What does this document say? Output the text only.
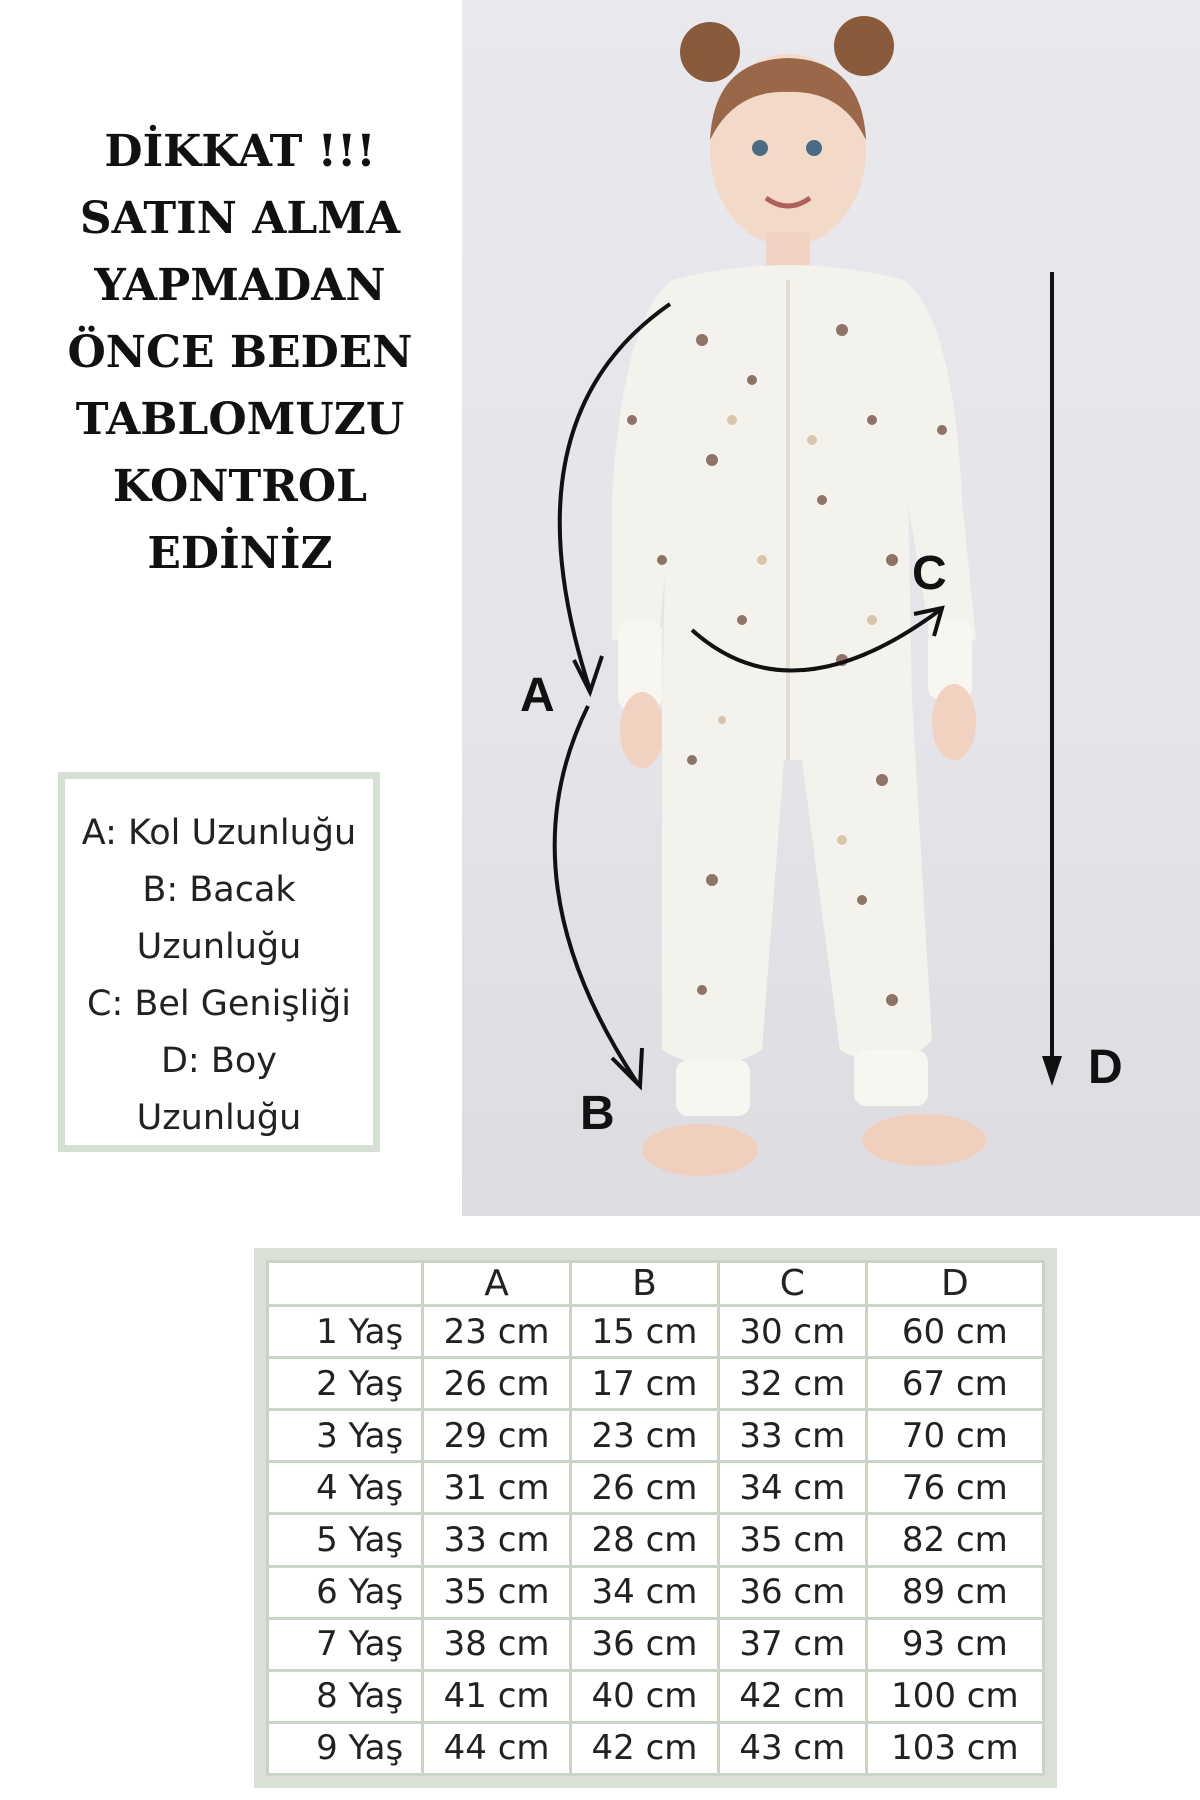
DİKKAT !!!
SATIN ALMA
YAPMADAN
ÖNCE BEDEN
TABLOMUZU
KONTROL
EDİNİZ
A: Kol Uzunluğu
B: Bacak
Uzunluğu
C: Bel Genişliği
D: Boy
Uzunluğu
A
B
C
D
	A	B	C	D
1 Yaş	23 cm	15 cm	30 cm	60 cm
2 Yaş	26 cm	17 cm	32 cm	67 cm
3 Yaş	29 cm	23 cm	33 cm	70 cm
4 Yaş	31 cm	26 cm	34 cm	76 cm
5 Yaş	33 cm	28 cm	35 cm	82 cm
6 Yaş	35 cm	34 cm	36 cm	89 cm
7 Yaş	38 cm	36 cm	37 cm	93 cm
8 Yaş	41 cm	40 cm	42 cm	100 cm
9 Yaş	44 cm	42 cm	43 cm	103 cm
